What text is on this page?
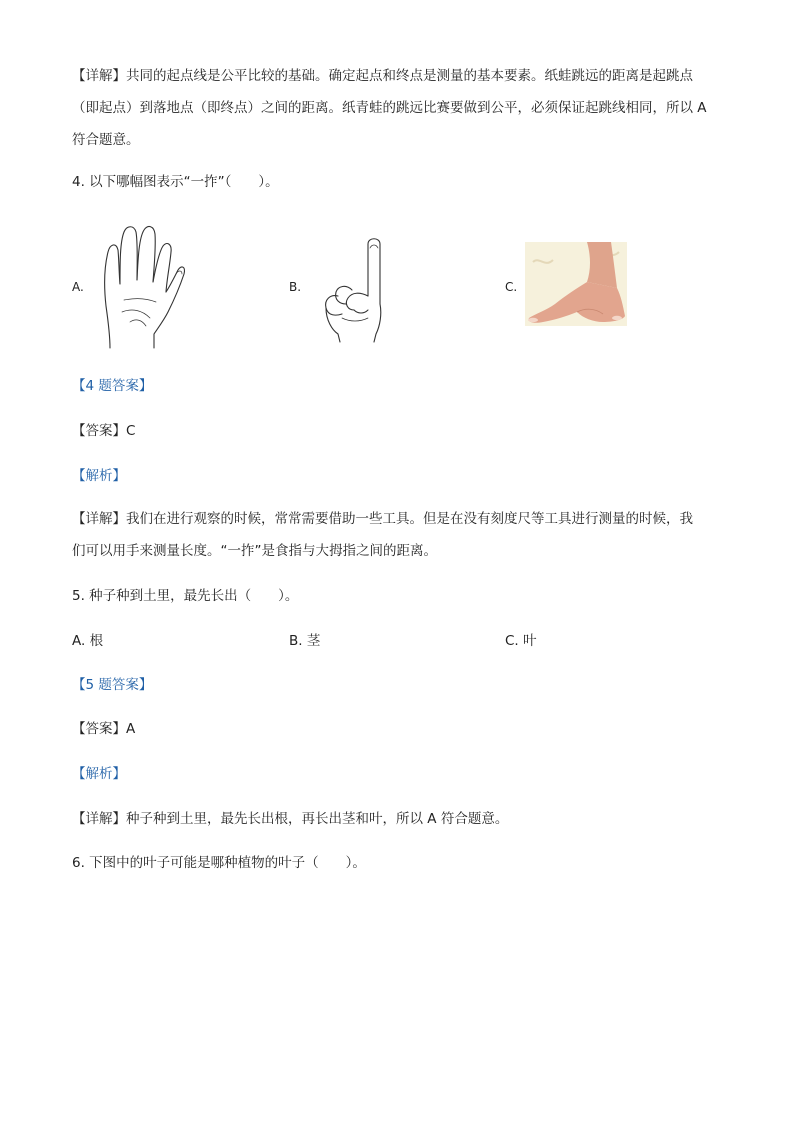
【详解】共同的起点线是公平比较的基础。确定起点和终点是测量的基本要素。纸蛙跳远的距离是起跳点
（即起点）到落地点（即终点）之间的距离。纸青蛙的跳远比赛要做到公平，必须保证起跳线相同，所以 A
符合题意。
4. 以下哪幅图表示“一拃”（　　）。
A.	B.	C.
【4 题答案】
【答案】C
【解析】
【详解】我们在进行观察的时候，常常需要借助一些工具。但是在没有刻度尺等工具进行测量的时候，我
们可以用手来测量长度。“一拃”是食指与大拇指之间的距离。
5. 种子种到土里，最先长出（　　）。
A. 根	B. 茎	C. 叶
【5 题答案】
【答案】A
【解析】
【详解】种子种到土里，最先长出根，再长出茎和叶，所以 A 符合题意。
6. 下图中的叶子可能是哪种植物的叶子（　　）。
